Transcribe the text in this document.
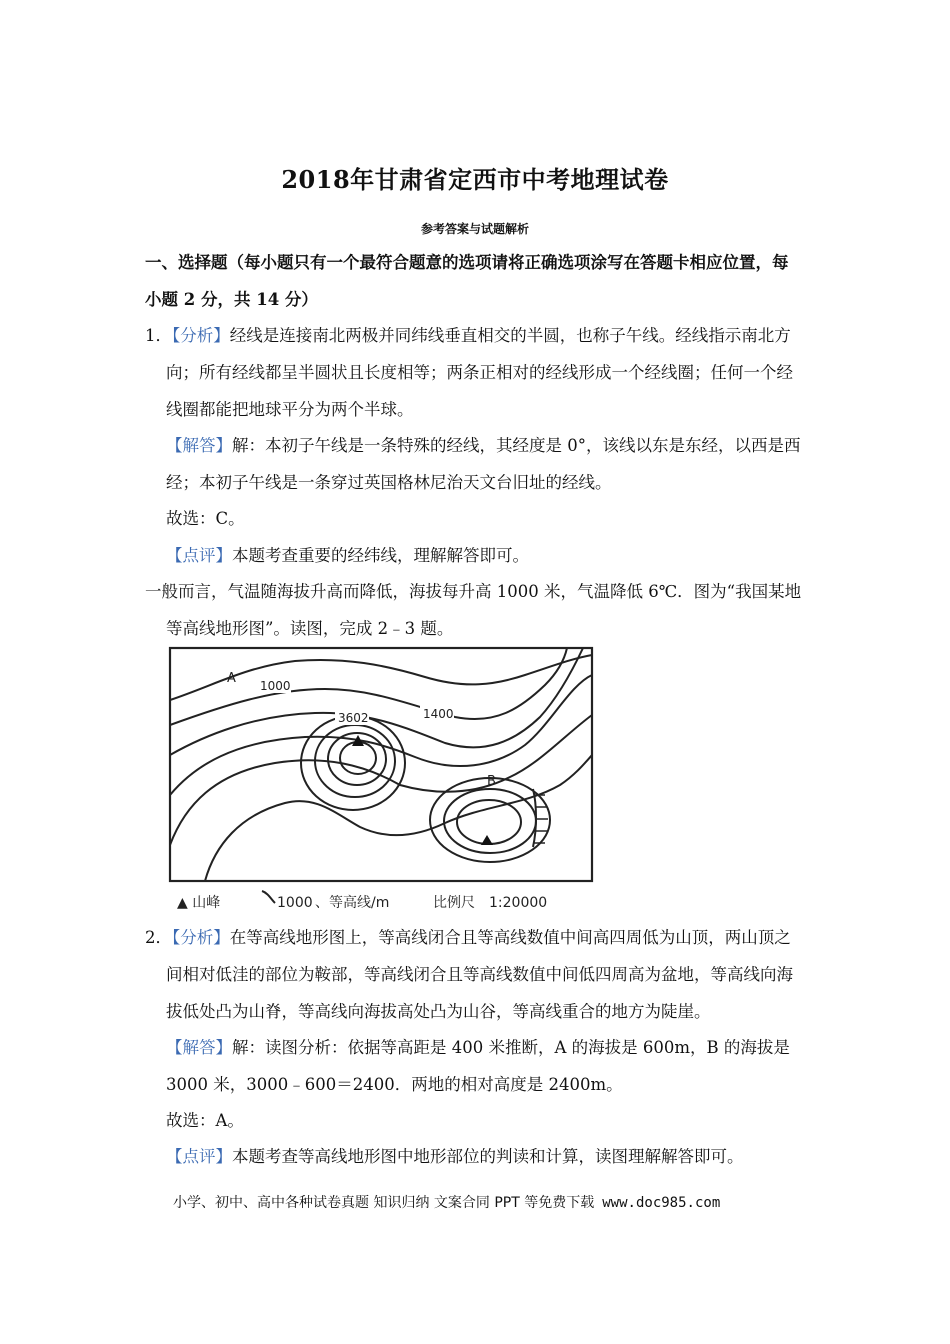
2018年甘肃省定西市中考地理试卷
参考答案与试题解析
一、选择题（每小题只有一个最符合题意的选项请将正确选项涂写在答题卡相应位置，每
小题 2 分，共 14 分）
1．【分析】经线是连接南北两极并同纬线垂直相交的半圆，也称子午线。经线指示南北方
向；所有经线都呈半圆状且长度相等；两条正相对的经线形成一个经线圈；任何一个经
线圈都能把地球平分为两个半球。
【解答】解：本初子午线是一条特殊的经线，其经度是 0°，该线以东是东经，以西是西
经；本初子午线是一条穿过英国格林尼治天文台旧址的经线。
故选：C。
【点评】本题考查重要的经纬线，理解解答即可。
一般而言，气温随海拔升高而降低，海拔每升高 1000 米，气温降低 6℃．图为“我国某地
等高线地形图”。读图，完成 2﹣3 题。
A 1000
1400
3602
B
▲ 山峰	1000 、等高线/m	比例尺　1:20000
2．【分析】在等高线地形图上，等高线闭合且等高线数值中间高四周低为山顶，两山顶之
间相对低洼的部位为鞍部，等高线闭合且等高线数值中间低四周高为盆地，等高线向海
拔低处凸为山脊，等高线向海拔高处凸为山谷，等高线重合的地方为陡崖。
【解答】解：读图分析：依据等高距是 400 米推断，A 的海拔是 600m，B 的海拔是
3000 米，3000﹣600＝2400．两地的相对高度是 2400m。
故选：A。
【点评】本题考查等高线地形图中地形部位的判读和计算，读图理解解答即可。
小学、初中、高中各种试卷真题 知识归纳 文案合同 PPT 等免费下载 www.doc985.com
